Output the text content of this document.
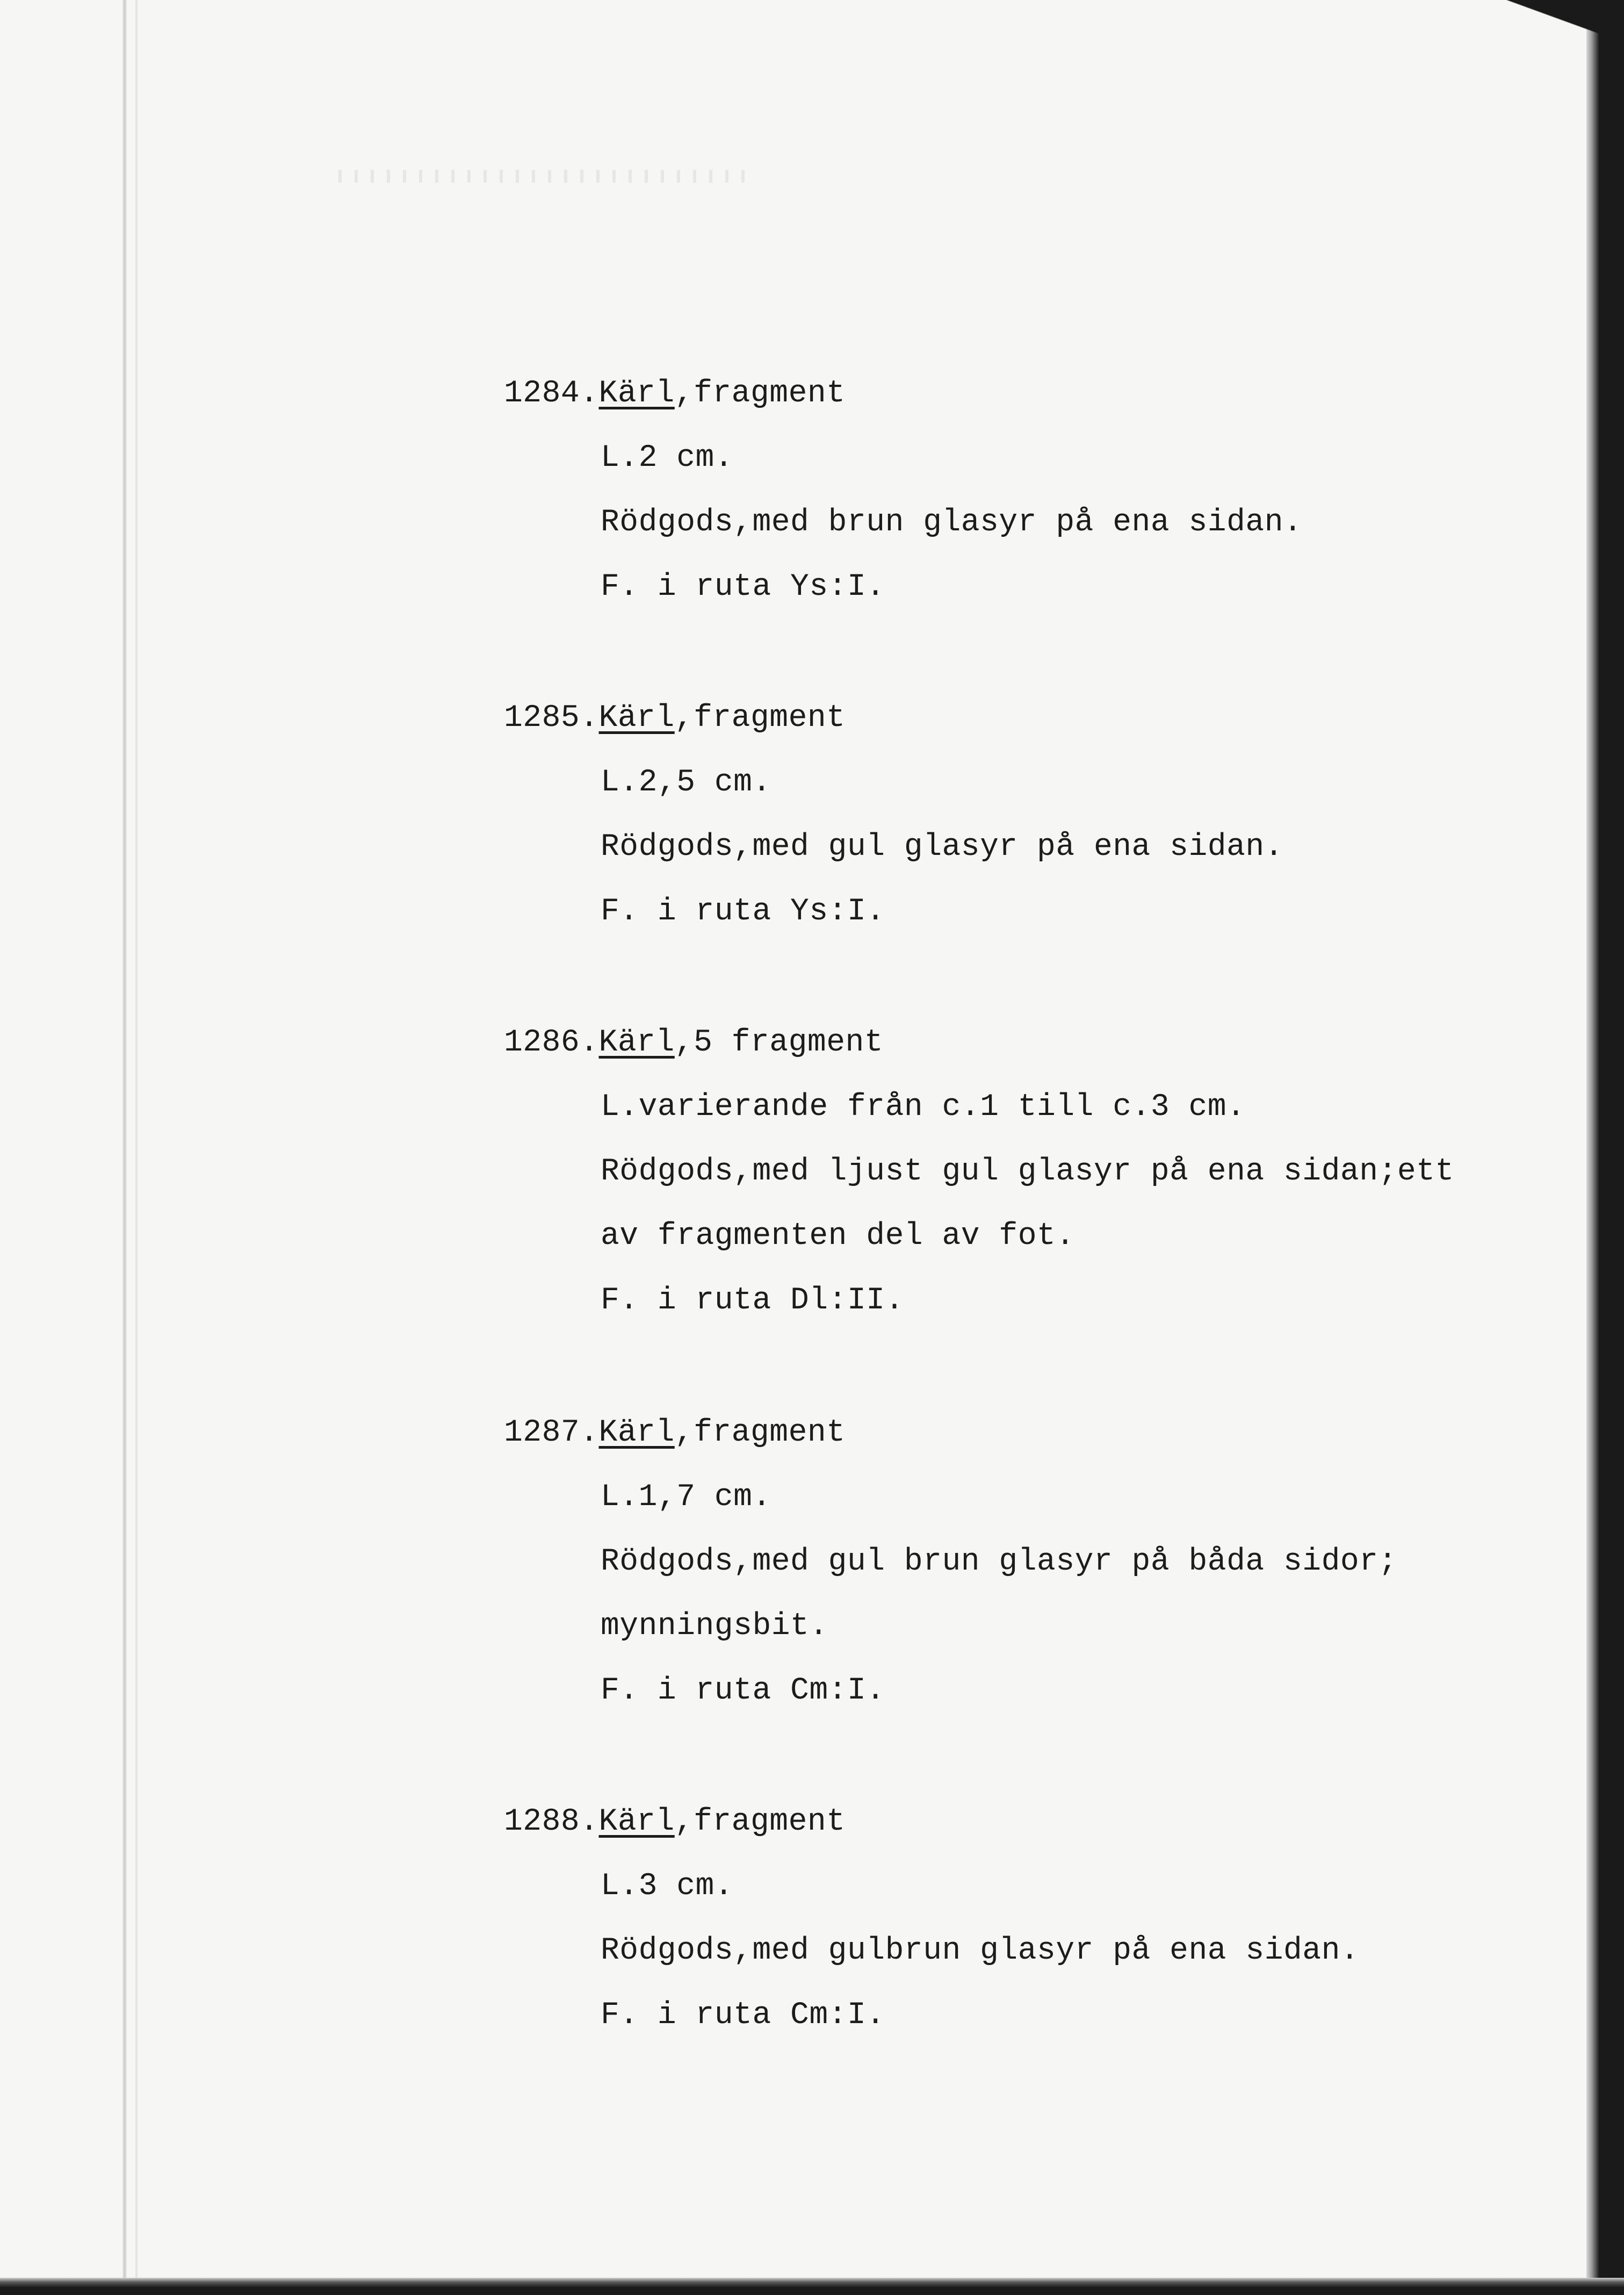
1284.Kärl,fragment
L.2 cm.
Rödgods,med brun glasyr på ena sidan.
F. i ruta Ys:I.
1285.Kärl,fragment
L.2,5 cm.
Rödgods,med gul glasyr på ena sidan.
F. i ruta Ys:I.
1286.Kärl,5 fragment
L.varierande från c.1 till c.3 cm.
Rödgods,med ljust gul glasyr på ena sidan;ett
av fragmenten del av fot.
F. i ruta Dl:II.
1287.Kärl,fragment
L.1,7 cm.
Rödgods,med gul brun glasyr på båda sidor;
mynningsbit.
F. i ruta Cm:I.
1288.Kärl,fragment
L.3 cm.
Rödgods,med gulbrun glasyr på ena sidan.
F. i ruta Cm:I.
